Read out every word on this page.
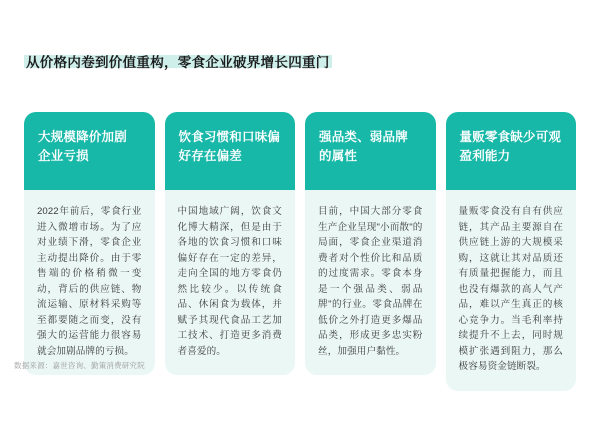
从价格内卷到价值重构，零食企业破界增长四重门
大规模降价加剧
企业亏损
2022年前后，零食行业进入微增市场。为了应对业绩下滑，零食企业主动提出降价。由于零售端的价格稍微一变动，背后的供应链、物流运输、原材料采购等至都要随之而变，没有强大的运营能力很容易就会加剧品牌的亏损。
饮食习惯和口味偏
好存在偏差
中国地域广阔，饮食文化博大精深，但是由于各地的饮食习惯和口味偏好存在一定的差异，走向全国的地方零食仍然比较少。以传统食品、休闲食为载体，并赋予其现代食品工艺加工技术、打造更多消费者喜爱的。
强品类、弱品牌
的属性
目前，中国大部分零食生产企业呈现"小而散"的局面，零食企业渠道消费者对个性价比和品质的过度需求。零食本身是一个强品类、弱品牌"的行业。零食品牌在低价之外打造更多爆品品类，形成更多忠实粉丝，加强用户黏性。
量贩零食缺少可观
盈利能力
量贩零食没有自有供应链，其产品主要源自在供应链上游的大规模采购，这就让其对品质还有质量把握能力，而且也没有爆款的高人气产品，难以产生真正的核心竞争力。当毛利率持续提升不上去，同时规模扩张遇到阻力，那么极容易资金链断裂。
数据来源：嘉世咨询、勤策消费研究院
